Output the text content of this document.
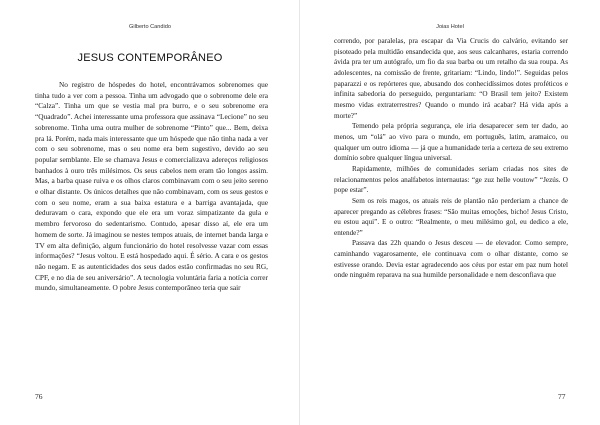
Gilberto Candido
JESUS CONTEMPORÂNEO

No registro de hóspedes do hotel, encontrávamos sobrenomes que tinha tudo a ver com a pessoa. Tinha um advogado que o sobrenome dele era “Calza”. Tinha um que se vestia mal pra burro, e o seu sobrenome era “Quadrado”. Achei interessante uma professora que assinava “Lecione” no seu sobrenome. Tinha uma outra mulher de sobrenome “Pinto” que... Bem, deixa pra lá. Porém, nada mais interessante que um hóspede que não tinha nada a ver com o seu sobrenome, mas o seu nome era bem sugestivo, devido ao seu popular semblante. Ele se chamava Jesus e comercializava adereços religiosos banhados à ouro três milésimos. Os seus cabelos nem eram tão longos assim. Mas, a barba quase ruiva e os olhos claros combinavam com o seu jeito sereno e olhar distante. Os únicos detalhes que não combinavam, com os seus gestos e com o seu nome, eram a sua baixa estatura e a barriga avantajada, que deduravam o cara, expondo que ele era um voraz simpatizante da gula e membro fervoroso do sedentarismo. Contudo, apesar disso aí, ele era um homem de sorte. Já imaginou se nestes tempos atuais, de internet banda larga e TV em alta definição, algum funcionário do hotel resolvesse vazar com essas informações? “Jesus voltou. E está hospedado aqui. É sério. A cara e os gestos não negam. E as autenticidades dos seus dados estão confirmadas no seu RG, CPF, e no dia de seu aniversário”. A tecnologia voluntária faria a notícia correr mundo, simultaneamente. O pobre Jesus contemporâneo teria que sair

76
Joias Hotel

correndo, por paralelas, pra escapar da Via Crucis do calvário, evitando ser pisoteado pela multidão ensandecida que, aos seus calcanhares, estaria correndo ávida pra ter um autógrafo, um fio da sua barba ou um retalho da sua roupa. As adolescentes, na comissão de frente, gritariam: “Lindo, lindo!”. Seguidas pelos paparazzi e os repórteres que, abusando dos conhecidíssimos dotes proféticos e infinita sabedoria do perseguido, perguntariam: “O Brasil tem jeito? Existem mesmo vidas extraterrestres? Quando o mundo irá acabar? Há vida após a morte?”

Temendo pela própria segurança, ele iria desaparecer sem ter dado, ao menos, um “olá” ao vivo para o mundo, em português, latim, aramaico, ou qualquer um outro idioma — já que a humanidade teria a certeza de seu extremo domínio sobre qualquer língua universal.

Rapidamente, milhões de comunidades seriam criadas nos sites de relacionamentos pelos analfabetos internautas: “ge zuz helle voutow” “Jezús. O pope estar”.

Sem os reis magos, os atuais reis de plantão não perderiam a chance de aparecer pregando as célebres frases: “São muitas emoções, bicho! Jesus Cristo, eu estou aqui”. E o outro: “Realmente, o meu milésimo gol, eu dedico a ele, entende?”

Passava das 22h quando o Jesus desceu — de elevador. Como sempre, caminhando vagarosamente, ele continuava com o olhar distante, como se estivesse orando. Devia estar agradecendo aos céus por estar em paz num hotel onde ninguém reparava na sua humilde personalidade e nem desconfiava que

77
